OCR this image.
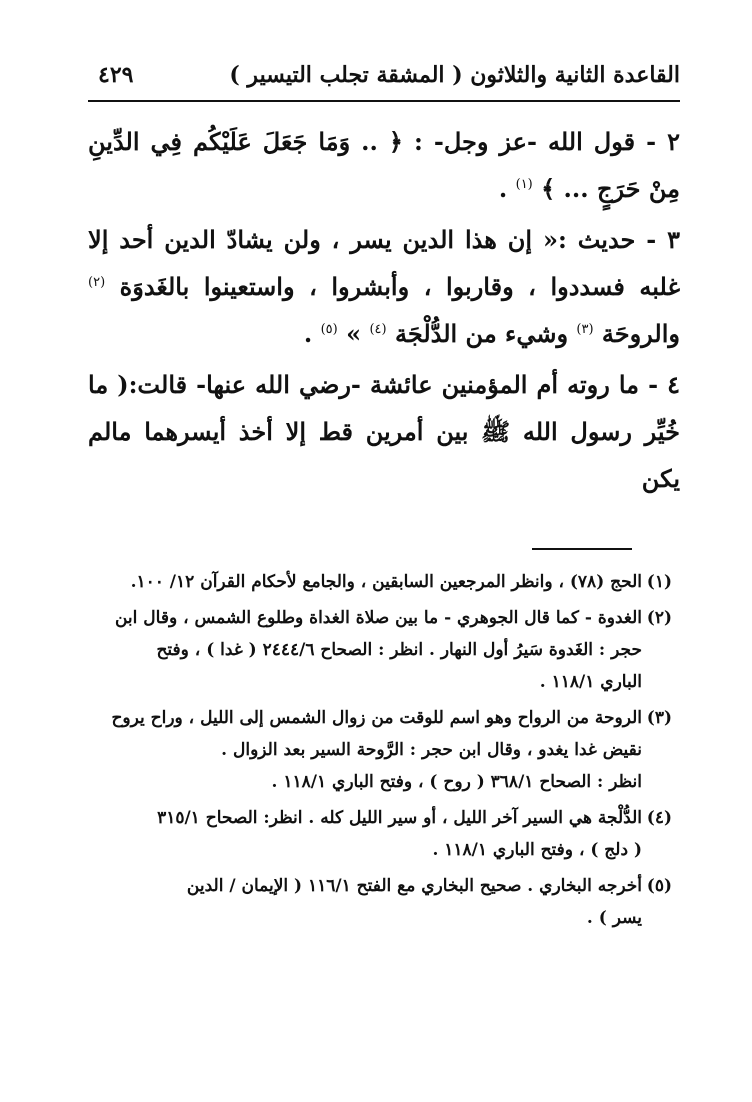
القاعدة الثانية والثلاثون ( المشقة تجلب التيسير )
٤٢٩

٢ - قول الله -عز وجل- : ﴿ .. وَمَا جَعَلَ عَلَيْكُم فِي الدِّينِ مِنْ حَرَجٍ ... ﴾ $^{(١)}$ .

٣ - حديث :« إن هذا الدين يسر ، ولن يشادّ الدين أحد إلا غلبه فسددوا ، وقاربوا ، وأبشروا ، واستعينوا بالغَدوَة $^{(٢)}$ والروحَة $^{(٣)}$ وشيء من الدُّلْجَة $^{(٤)}$ » $^{(٥)}$ .

٤ - ما روته أم المؤمنين عائشة -رضي الله عنها- قالت:( ما خُيِّر رسول الله ﷺ بين أمرين قط إلا أخذ أيسرهما مالم يكن

(١)
الحج (٧٨) ، وانظر المرجعين السابقين ، والجامع لأحكام القرآن ١٢/ ١٠٠.
(٢)
الغدوة - كما قال الجوهري - ما بين صلاة الغداة وطلوع الشمس ، وقال ابن
حجر : الغَدوة سَيرُ أول النهار . انظر : الصحاح ٢٤٤٤/٦ ( غدا ) ، وفتح
الباري ١١٨/١ .
(٣)
الروحة من الرواح وهو اسم للوقت من زوال الشمس إلى الليل ، وراح يروح
نقيض غدا يغدو ، وقال ابن حجر : الرَّوحة السير بعد الزوال .
انظر : الصحاح ٣٦٨/١ ( روح ) ، وفتح الباري ١١٨/١ .
(٤)
الدُّلْجة هي السير آخر الليل ، أو سير الليل كله . انظر: الصحاح ٣١٥/١
( دلج ) ، وفتح الباري ١١٨/١ .
(٥)
أخرجه البخاري . صحيح البخاري مع الفتح ١١٦/١ ( الإيمان / الدين
يسر ) .
